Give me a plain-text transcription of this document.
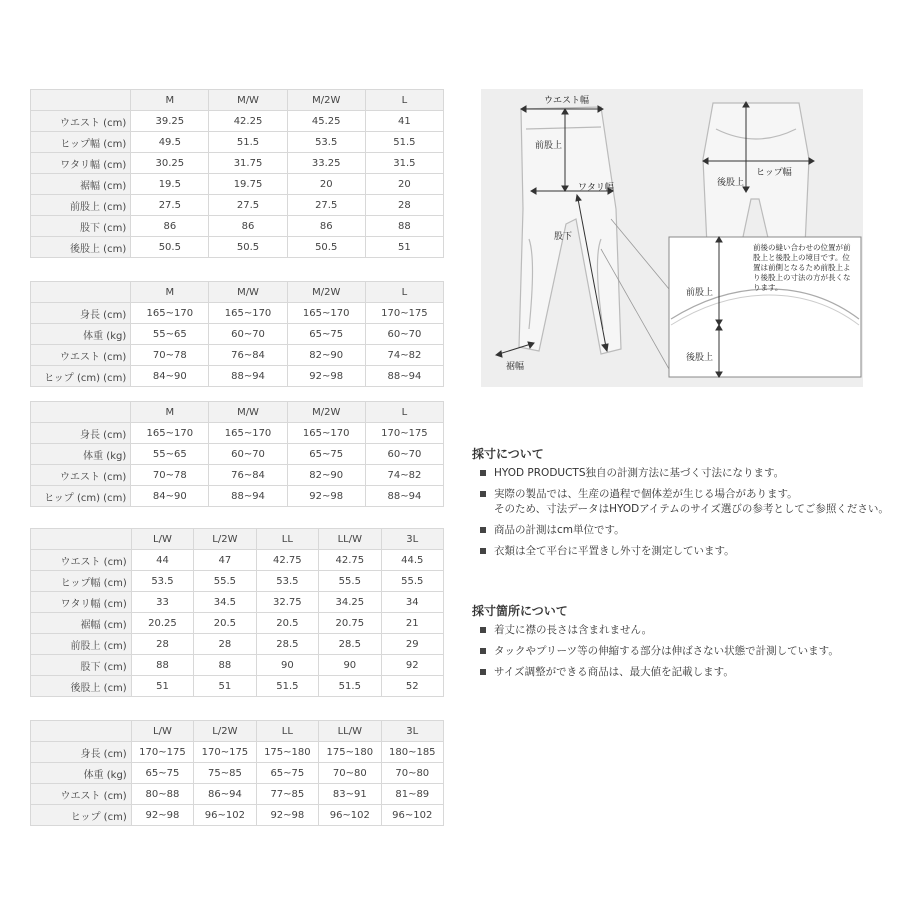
	M	M/W	M/2W	L
ウエスト (cm)	39.25	42.25	45.25	41
ヒップ幅 (cm)	49.5	51.5	53.5	51.5
ワタリ幅 (cm)	30.25	31.75	33.25	31.5
裾幅 (cm)	19.5	19.75	20	20
前股上 (cm)	27.5	27.5	27.5	28
股下 (cm)	86	86	86	88
後股上 (cm)	50.5	50.5	50.5	51
	M	M/W	M/2W	L
身長 (cm)	165~170	165~170	165~170	170~175
体重 (kg)	55~65	60~70	65~75	60~70
ウエスト (cm)	70~78	76~84	82~90	74~82
ヒップ (cm) (cm)	84~90	88~94	92~98	88~94
	M	M/W	M/2W	L
身長 (cm)	165~170	165~170	165~170	170~175
体重 (kg)	55~65	60~70	65~75	60~70
ウエスト (cm)	70~78	76~84	82~90	74~82
ヒップ (cm) (cm)	84~90	88~94	92~98	88~94
	L/W	L/2W	LL	LL/W	3L
ウエスト (cm)	44	47	42.75	42.75	44.5
ヒップ幅 (cm)	53.5	55.5	53.5	55.5	55.5
ワタリ幅 (cm)	33	34.5	32.75	34.25	34
裾幅 (cm)	20.25	20.5	20.5	20.75	21
前股上 (cm)	28	28	28.5	28.5	29
股下 (cm)	88	88	90	90	92
後股上 (cm)	51	51	51.5	51.5	52
	L/W	L/2W	LL	LL/W	3L
身長 (cm)	170~175	170~175	175~180	175~180	180~185
体重 (kg)	65~75	75~85	65~75	70~80	70~80
ウエスト (cm)	80~88	86~94	77~85	83~91	81~89
ヒップ (cm)	92~98	96~102	92~98	96~102	96~102
ウエスト幅
前股上
ワタリ幅
股下
裾幅
ヒップ幅
後股上
前股上
後股上
前後の縫い合わせの位置が前股上と後股上の境目です。位置は前側となるため前股上より後股上の寸法の方が長くなります。
採寸について
HYOD PRODUCTS独自の計測方法に基づく寸法になります。
実際の製品では、生産の過程で個体差が生じる場合があります。
そのため、寸法データはHYODアイテムのサイズ選びの参考としてご参照ください。
商品の計測はcm単位です。
衣類は全て平台に平置きし外寸を測定しています。
採寸箇所について
着丈に襟の長さは含まれません。
タックやプリーツ等の伸縮する部分は伸ばさない状態で計測しています。
サイズ調整ができる商品は、最大値を記載します。
